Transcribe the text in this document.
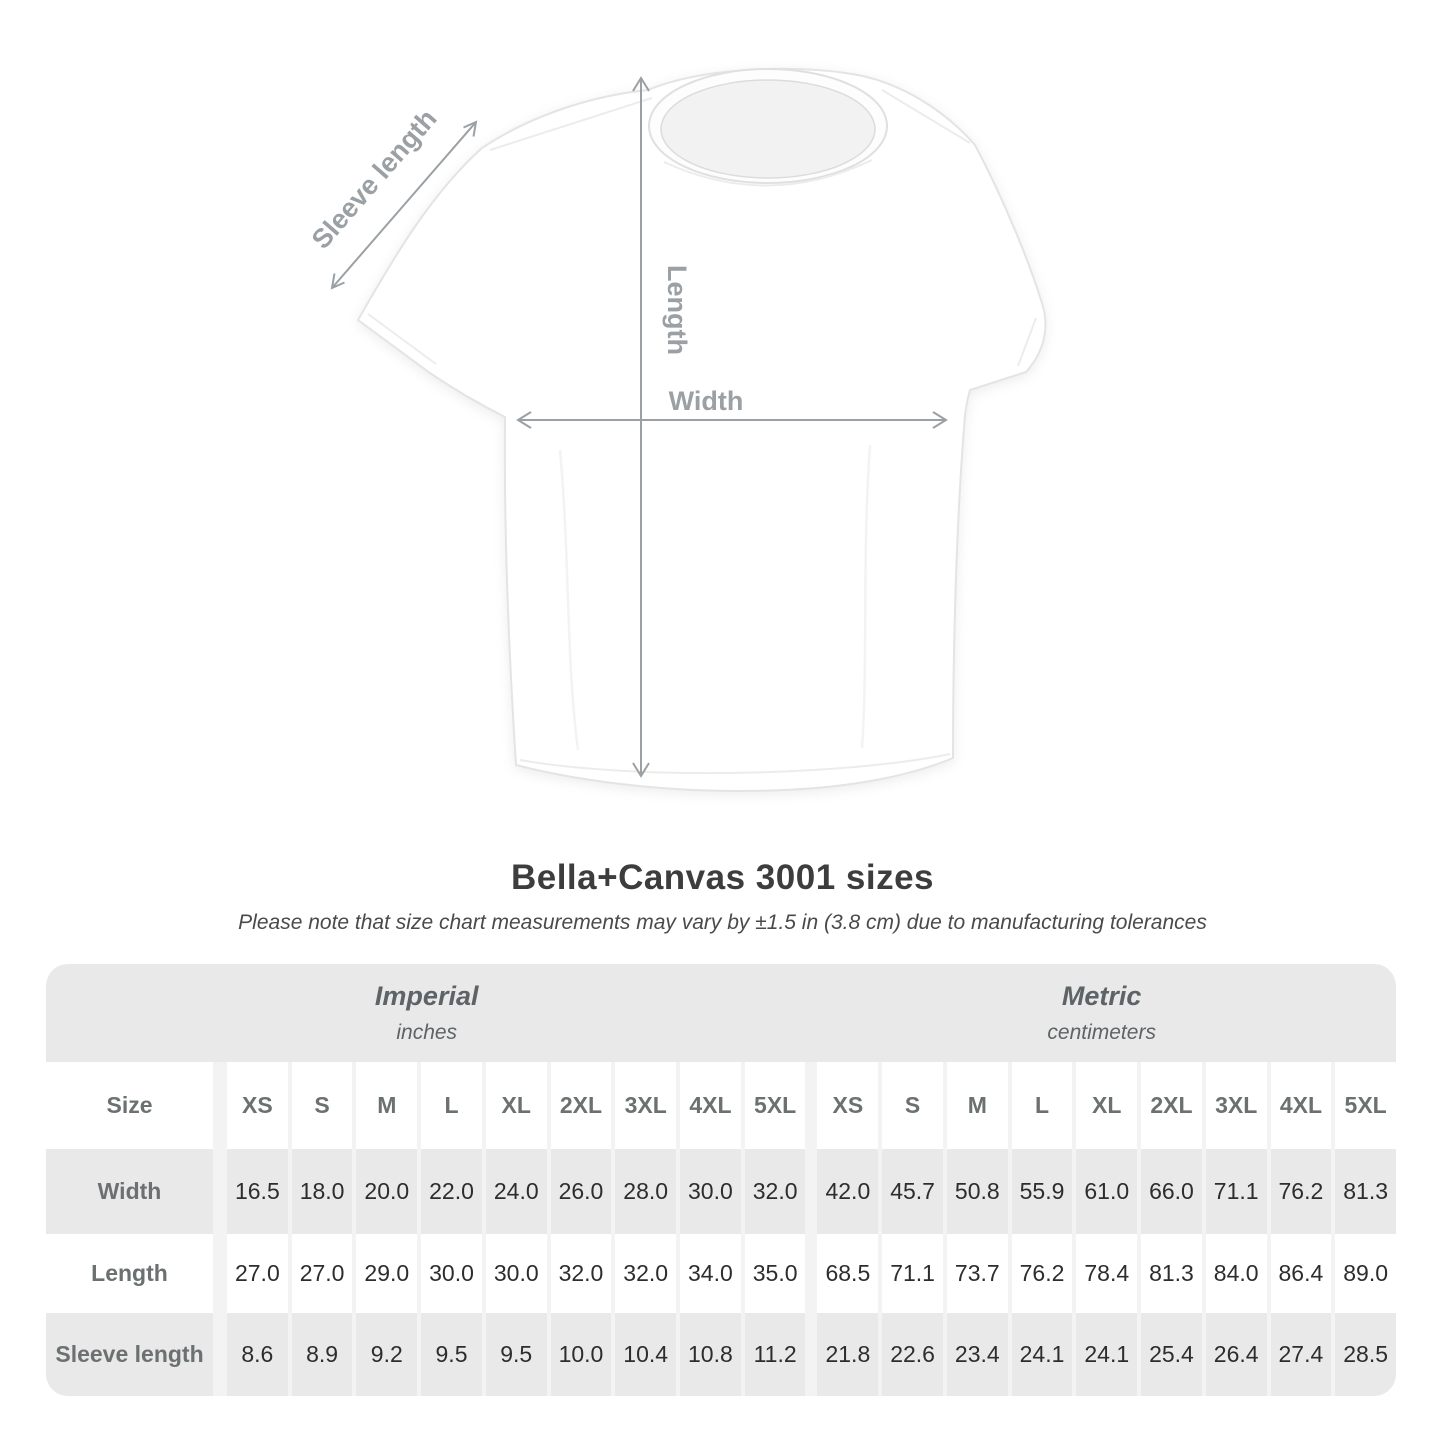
Sleeve length
Length
Width
Bella+Canvas 3001 sizes
Please note that size chart measurements may vary by ±1.5 in (3.8 cm) due to manufacturing tolerances
Imperial
inches
Metric
centimeters
Size	XS	S	M	L	XL	2XL 3XL 4XL 5XL	XS	S	M	L	XL	2XL 3XL 4XL 5XL
Width	16.5 18.0 20.0 22.0 24.0 26.0 28.0 30.0 32.0	42.0 45.7 50.8 55.9 61.0 66.0 71.1 76.2 81.3
Length	27.0 27.0 29.0 30.0 30.0 32.0 32.0 34.0 35.0	68.5 71.1 73.7 76.2 78.4 81.3 84.0 86.4 89.0
Sleeve length	8.6	8.9	9.2	9.5	9.5	10.0 10.4 10.8 11.2	21.8 22.6 23.4 24.1 24.1 25.4 26.4 27.4 28.5
